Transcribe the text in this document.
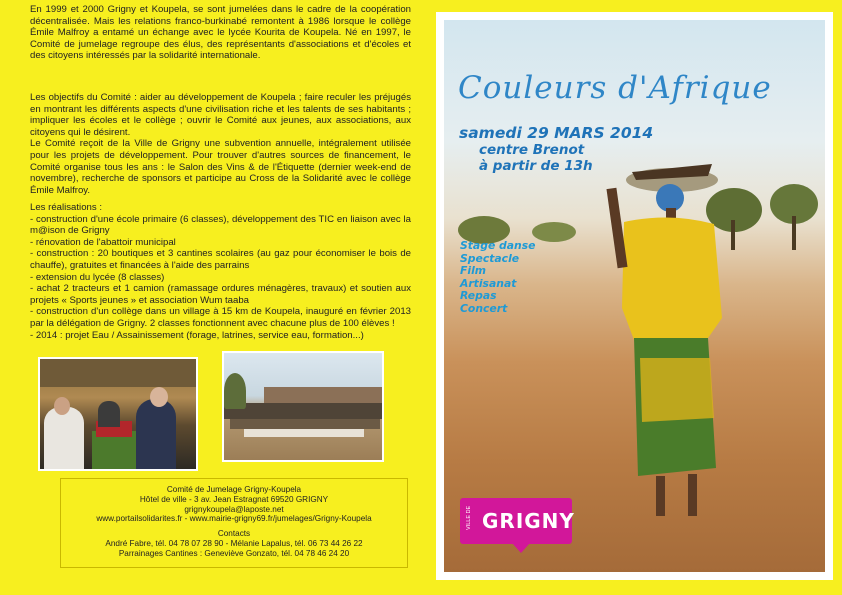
En 1999 et 2000 Grigny et Koupela, se sont jumelées dans le cadre de la coopération décentralisée. Mais les relations franco-burkinabé remontent à 1986 lorsque le collège Émile Malfroy a entamé un échange avec le lycée Kourita de Koupela. Né en 1997, le Comité de jumelage regroupe des élus, des représentants d'associations et d'écoles et des citoyens intéressés par la solidarité internationale.

Les objectifs du Comité : aider au développement de Koupela ; faire reculer les préjugés en montrant les différents aspects d'une civilisation riche et les talents de ses habitants ; impliquer les écoles et le collège ; ouvrir le Comité aux jeunes, aux associations, aux citoyens qui le désirent.

Le Comité reçoit de la Ville de Grigny une subvention annuelle, intégralement utilisée pour les projets de développement. Pour trouver d'autres sources de financement, le Comité organise tous les ans : le Salon des Vins & de l'Étiquette (dernier week-end de novembre), recherche de sponsors et participe au Cross de la Solidarité avec le collège Émile Malfroy.

Les réalisations :

- construction d'une école primaire (6 classes), développement des TIC en liaison avec la m@ison de Grigny

- rénovation de l'abattoir municipal

- construction : 20 boutiques et 3 cantines scolaires (au gaz pour économiser le bois de chauffe), gratuites et financées à l'aide des parrains

- extension du lycée (8 classes)

- achat 2 tracteurs et 1 camion (ramassage ordures ménagères, travaux) et soutien aux projets « Sports jeunes » et association Wum taaba

- construction d'un collège dans un village à 15 km de Koupela, inauguré en février 2013 par la délégation de Grigny. 2 classes fonctionnent avec chacune plus de 100 élèves !

- 2014 : projet Eau / Assainissement (forage, latrines, service eau, formation...)

Comité de Jumelage Grigny-Koupela
Hôtel de ville - 3 av. Jean Estragnat 69520 GRIGNY
grignykoupela@laposte.net
www.portailsolidarites.fr - www.mairie-grigny69.fr/jumelages/Grigny-Koupela
Contacts
André Fabre, tél. 04 78 07 28 90 - Mélanie Lapalus, tél. 06 73 44 26 22
Parrainages Cantines : Geneviève Gonzato, tél. 04 78 46 24 20
Couleurs d'Afrique
samedi 29 MARS 2014
centre Brenot
à partir de 13h
Stage danse
Spectacle
Film
Artisanat
Repas
Concert
VILLE DE GRIGNY
